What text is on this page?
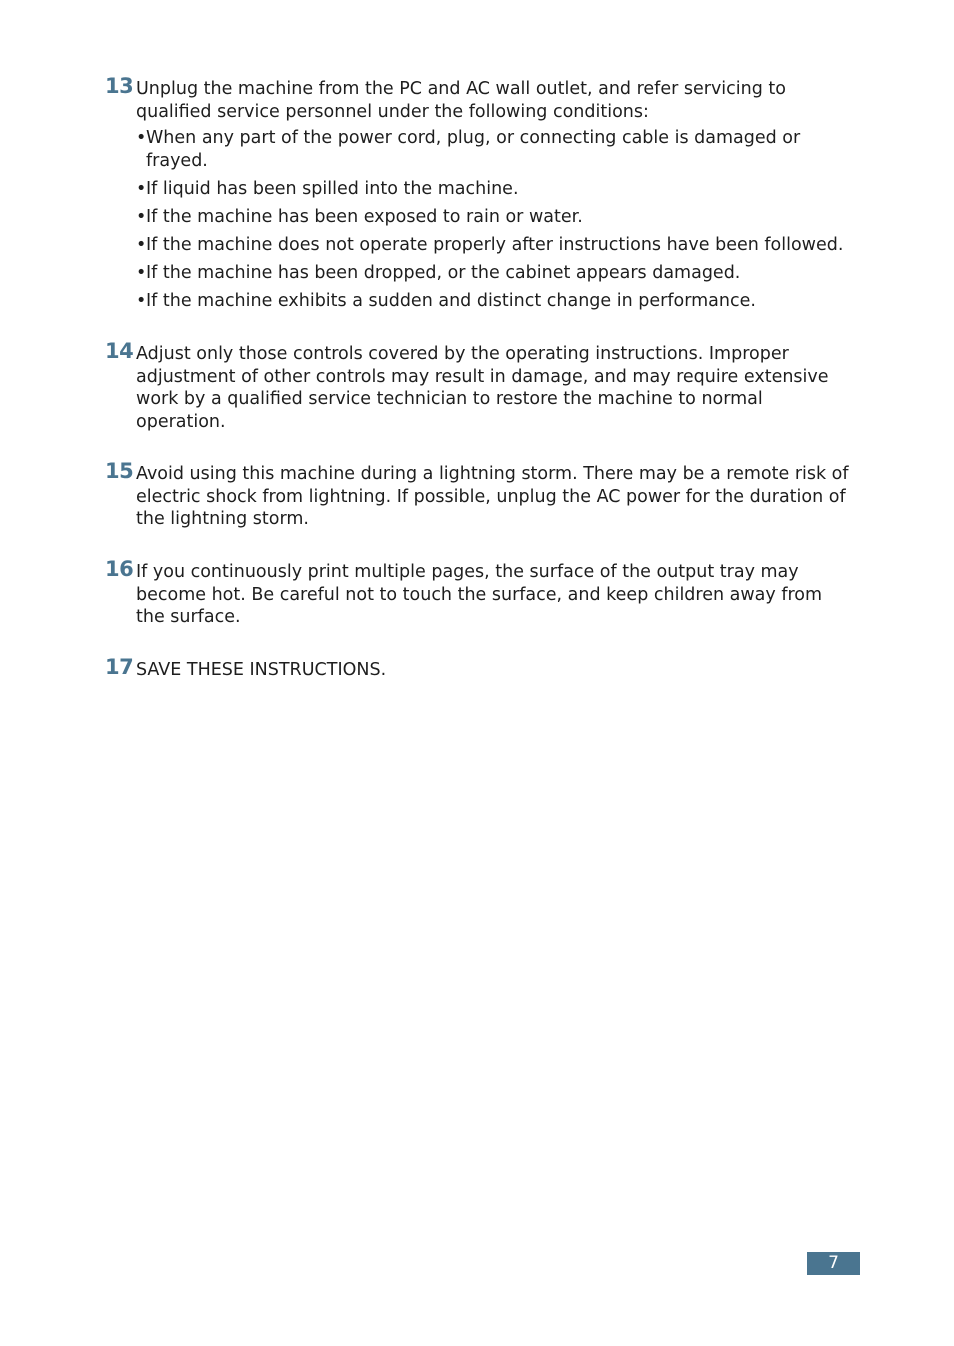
13 Unplug the machine from the PC and AC wall outlet, and refer servicing to qualified service personnel under the following conditions:

• When any part of the power cord, plug, or connecting cable is damaged or frayed.
• If liquid has been spilled into the machine.
• If the machine has been exposed to rain or water.
• If the machine does not operate properly after instructions have been followed.
• If the machine has been dropped, or the cabinet appears damaged.
• If the machine exhibits a sudden and distinct change in performance.
14 Adjust only those controls covered by the operating instructions. Improper adjustment of other controls may result in damage, and may require extensive work by a qualified service technician to restore the machine to normal operation.

15 Avoid using this machine during a lightning storm. There may be a remote risk of electric shock from lightning. If possible, unplug the AC power for the duration of the lightning storm.

16 If you continuously print multiple pages, the surface of the output tray may become hot. Be careful not to touch the surface, and keep children away from the surface.

17 SAVE THESE INSTRUCTIONS.

7
